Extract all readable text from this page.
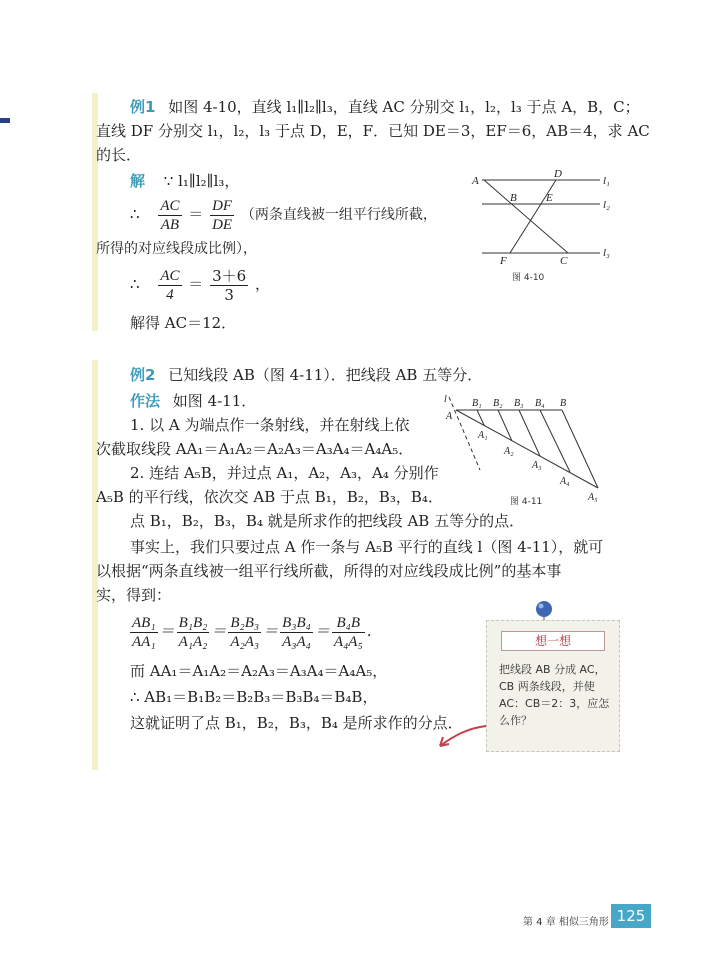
例1 如图 4-10，直线 l₁∥l₂∥l₃，直线 AC 分别交 l₁，l₂，l₃ 于点 A，B，C；
直线 DF 分别交 l₁，l₂，l₃ 于点 D，E，F．已知 DE＝3，EF＝6，AB＝4，求 AC
的长．
解 ∵ l₁∥l₂∥l₃，
∴ $\frac{AC}{AB} = \frac{DF}{DE}$ （两条直线被一组平行线所截，
所得的对应线段成比例），
∴ $\frac{AC}{4} = \frac{3+6}{3}$ ，
解得 AC＝12．
A
D
l₁
B	E
l₂
F	C
l₃
图 4-10
例2 已知线段 AB（图 4-11）．把线段 AB 五等分．
作法 如图 4-11．
1. 以 A 为端点作一条射线，并在射线上依
次截取线段 AA₁＝A₁A₂＝A₂A₃＝A₃A₄＝A₄A₅．
2. 连结 A₅B，并过点 A₁，A₂，A₃，A₄ 分别作
A₅B 的平行线，依次交 AB 于点 B₁，B₂，B₃，B₄．
点 B₁，B₂，B₃，B₄ 就是所求作的把线段 AB 五等分的点．
事实上，我们只要过点 A 作一条与 A₅B 平行的直线 l（图 4-11），就可
以根据“两条直线被一组平行线所截，所得的对应线段成比例”的基本事
实，得到：
$\frac{\text{AB₁}}{\text{AA₁}} = \frac{\text{B₁B₂}}{\text{A₁A₂}} = \frac{\text{B₂B₃}}{\text{A₂A₃}} = \frac{\text{B₃B₄}}{\text{A₃A₄}} = \frac{\text{B₄B}}{\text{A₄A₅}}$ ．
而 AA₁＝A₁A₂＝A₂A₃＝A₃A₄＝A₄A₅，
∴ AB₁＝B₁B₂＝B₂B₃＝B₃B₄＝B₄B，
这就证明了点 B₁，B₂，B₃，B₄ 是所求作的分点．
l
A
B₁ B₂ B₃ B₄ B
A₁
A₂
A₃
A₄
A₅
图 4-11
想一想
把线段 AB 分成 AC，CB 两条线段，并使 AC：CB＝2：3，应怎么作？
第 4 章 相似三角形 125
